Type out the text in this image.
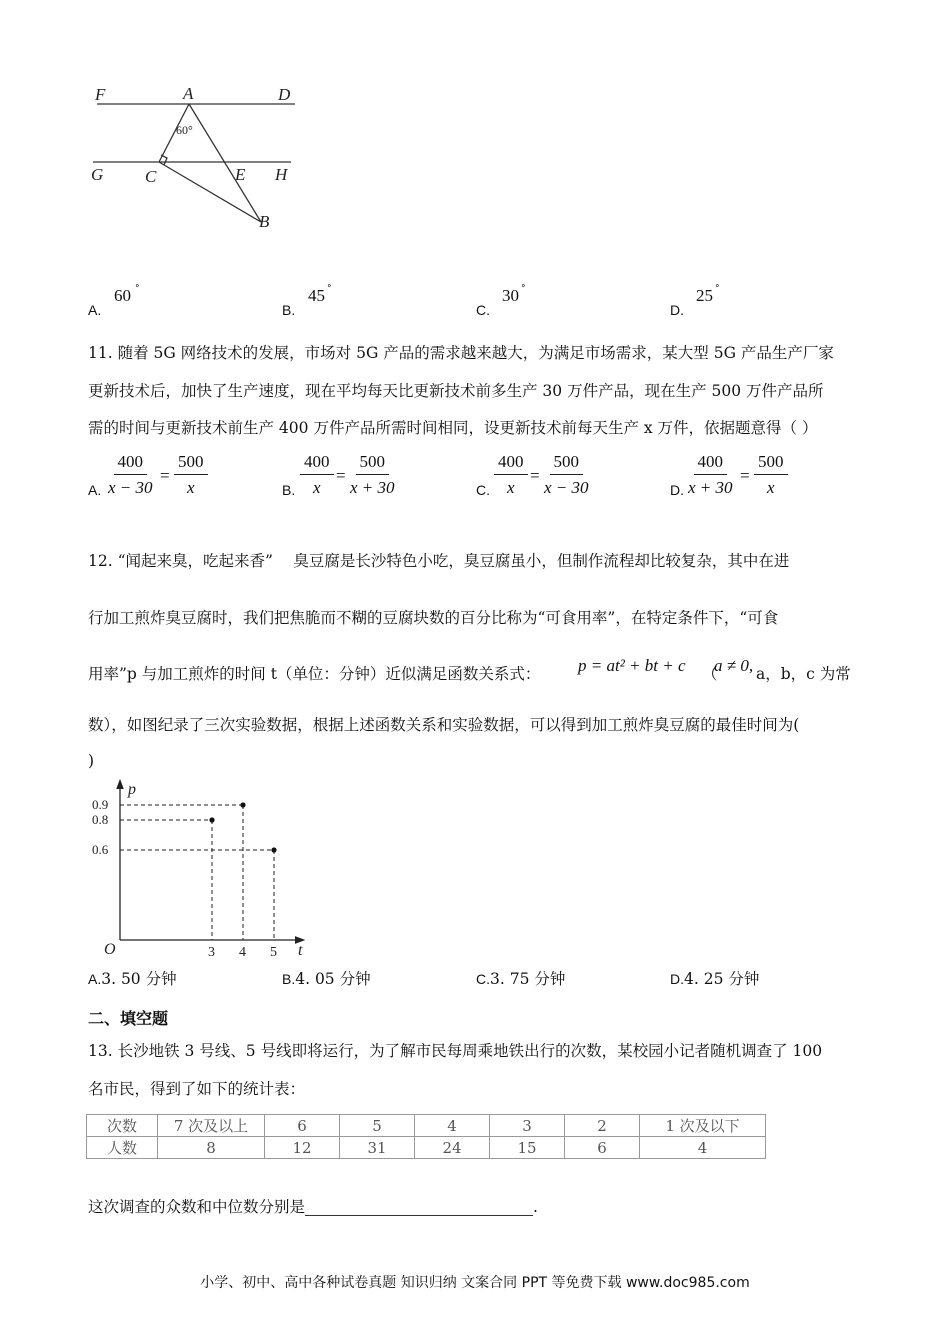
F	A	D
G C	E H
B
60°
A.
60 °
B.
45 °
C.
30 °
D.
25 °
11. 随着 5G 网络技术的发展，市场对 5G 产品的需求越来越大，为满足市场需求，某大型 5G 产品生产厂家
更新技术后，加快了生产速度，现在平均每天比更新技术前多生产 30 万件产品，现在生产 500 万件产品所
需的时间与更新技术前生产 400 万件产品所需时间相同，设更新技术前每天生产 x 万件，依据题意得（ ）
A. $\frac{400}{x - 30} = \frac{500}{x}$	B. $\frac{400}{x} = \frac{500}{x + 30}$	C. $\frac{400}{x} = \frac{500}{x - 30}$	D. $\frac{400}{x + 30} = \frac{500}{x}$
12. “闻起来臭，吃起来香”　 臭豆腐是长沙特色小吃，臭豆腐虽小，但制作流程却比较复杂，其中在进
行加工煎炸臭豆腐时，我们把焦脆而不糊的豆腐块数的百分比称为“可食用率”，在特定条件下，“可食
用率”p 与加工煎炸的时间 t（单位：分钟）近似满足函数关系式： p = at² + bt + c （
a ≠ 0, a，b，c 为常
数），如图纪录了三次实验数据，根据上述函数关系和实验数据，可以得到加工煎炸臭豆腐的最佳时间为(
)
p
t
O	3 4 5
0.9
0.8
0.6
A.3. 50 分钟	B.4. 05 分钟	C.3. 75 分钟	D.4. 25 分钟
二、填空题
13. 长沙地铁 3 号线、5 号线即将运行，为了解市民每周乘地铁出行的次数，某校园小记者随机调查了 100
名市民，得到了如下的统计表：
次数	7 次及以上	6	5	4	3	2	1 次及以下
人数	8	12	31	24	15	6	4
这次调查的众数和中位数分别是	.
小学、初中、高中各种试卷真题 知识归纳 文案合同 PPT 等免费下载 www.doc985.com
